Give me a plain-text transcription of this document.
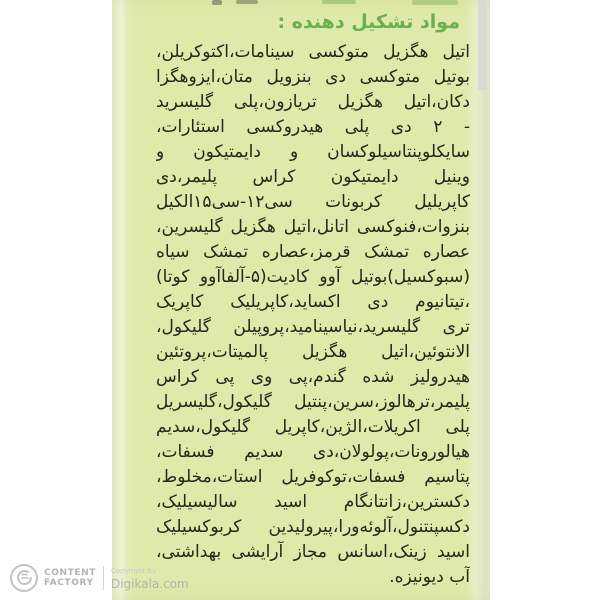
مواد تشکیل دهنده :
اتیل هگزیل متوکسی سینامات،اکتوکریلن،
بوتیل متوکسی دی بنزویل متان،ایزوهگزا
دکان،اتیل هگزیل تریازون،پلی گلیسرید
- ۲ دی پلی هیدروکسی استئارات،
سایکلوپنتاسیلوکسان و دایمتیکون و
وینیل دایمتیکون کراس پلیمر،دی
کاپریلیل کربونات سی۱۲-سی۱۵الکیل
بنزوات،فنوکسی اتانل،اتیل هگزیل گلیسرین،
عصاره تمشک قرمز،عصاره تمشک سیاه
(سبوکسیل)بوتیل آوو کادیت(۵-آلفاآوو کوتا)
،تیتانیوم دی اکساید،کاپریلیک کاپریک
تری گلیسرید،نیاسینامید،پروپیلن گلیکول،
الانتوئین،اتیل هگزیل پالمیتات،پروتئین
هیدرولیز شده گندم،پی وی پی کراس
پلیمر،ترهالوز،سرین،پنتیل گلیکول،گلیسریل
پلی اکریلات،الژین،کاپریل گلیکول،سدیم
هیالورونات،پولولان،دی سدیم فسفات،
پتاسیم فسفات،توکوفریل استات،مخلوط،
دکسترین،زانتانگام اسید سالیسیلیک،
دکسپنتنول،آلوئه‌ورا،پیرولیدین کربوکسیلیک
اسید زینک،اسانس مجاز آرایشی بهداشتی،
آب دیونیزه.
CONTENT
FACTORY
Copyright by
Digikala.com
